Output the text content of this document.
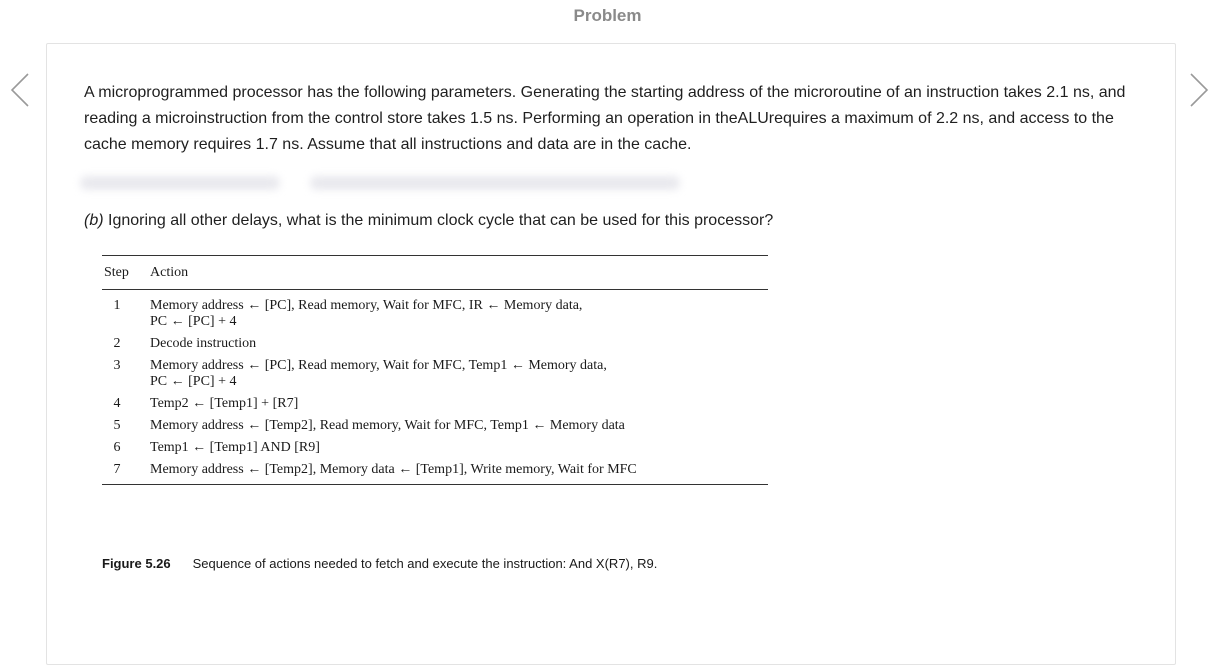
Problem

A microprogrammed processor has the following parameters. Generating the starting address of the microroutine of an instruction takes 2.1 ns, and reading a microinstruction from the control store takes 1.5 ns. Performing an operation in theALUrequires a maximum of 2.2 ns, and access to the cache memory requires 1.7 ns. Assume that all instructions and data are in the cache.

(b) Ignoring all other delays, what is the minimum clock cycle that can be used for this processor?

Step	Action
1	Memory address ← [PC], Read memory, Wait for MFC, IR ← Memory data,
PC ← [PC] + 4

2	Decode instruction

3	Memory address ← [PC], Read memory, Wait for MFC, Temp1 ← Memory data,
PC ← [PC] + 4

4	Temp2 ← [Temp1] + [R7]

5	Memory address ← [Temp2], Read memory, Wait for MFC, Temp1 ← Memory data

6	Temp1 ← [Temp1] AND [R9]

7	Memory address ← [Temp2], Memory data ← [Temp1], Write memory, Wait for MFC

Figure 5.26 Sequence of actions needed to fetch and execute the instruction: And X(R7), R9.
